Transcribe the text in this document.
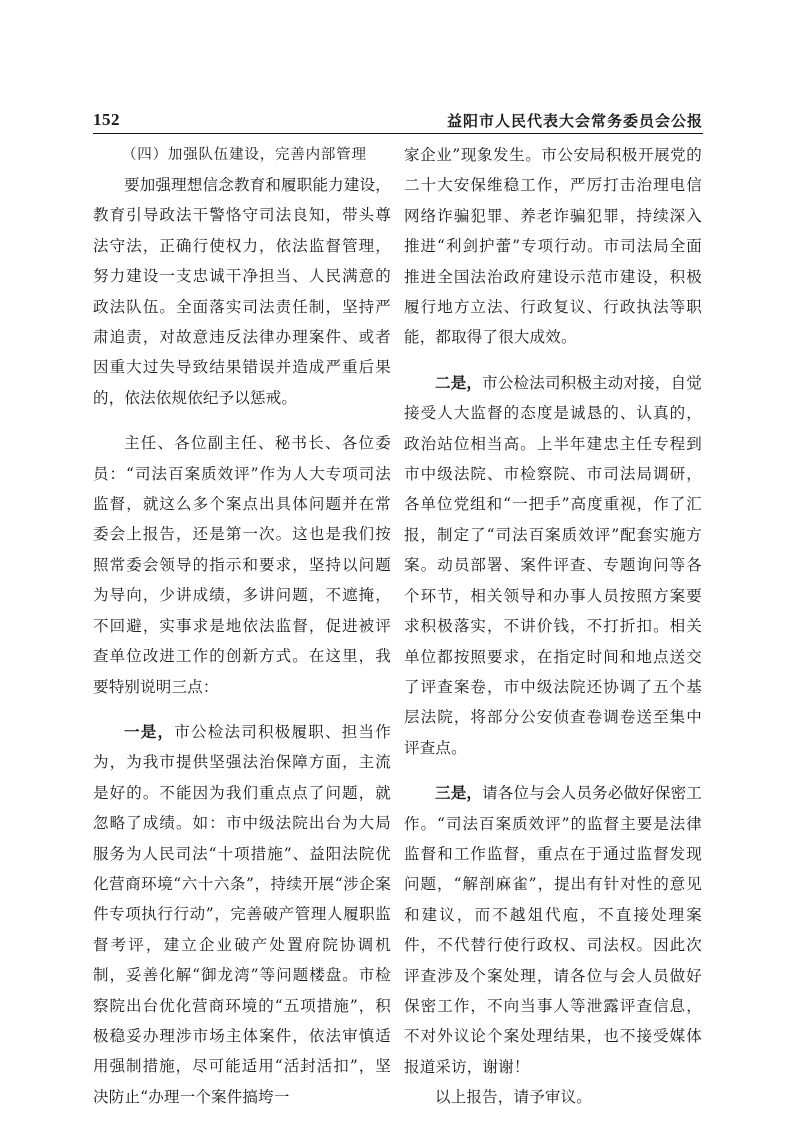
152	益阳市人民代表大会常务委员会公报
（四）加强队伍建设，完善内部管理

要加强理想信念教育和履职能力建设，教育引导政法干警恪守司法良知，带头尊法守法，正确行使权力，依法监督管理，努力建设一支忠诚干净担当、人民满意的政法队伍。全面落实司法责任制，坚持严肃追责，对故意违反法律办理案件、或者因重大过失导致结果错误并造成严重后果的，依法依规依纪予以惩戒。

主任、各位副主任、秘书长、各位委员：“司法百案质效评”作为人大专项司法监督，就这么多个案点出具体问题并在常委会上报告，还是第一次。这也是我们按照常委会领导的指示和要求，坚持以问题为导向，少讲成绩，多讲问题，不遮掩，不回避，实事求是地依法监督，促进被评查单位改进工作的创新方式。在这里，我要特别说明三点：

一是，市公检法司积极履职、担当作为，为我市提供坚强法治保障方面，主流是好的。不能因为我们重点点了问题，就忽略了成绩。如：市中级法院出台为大局服务为人民司法“十项措施”、益阳法院优化营商环境“六十六条”，持续开展“涉企案件专项执行行动”，完善破产管理人履职监督考评，建立企业破产处置府院协调机制，妥善化解“御龙湾”等问题楼盘。市检察院出台优化营商环境的“五项措施”，积极稳妥办理涉市场主体案件，依法审慎适用强制措施，尽可能适用“活封活扣”，坚决防止“办理一个案件搞垮一

家企业”现象发生。市公安局积极开展党的二十大安保维稳工作，严厉打击治理电信网络诈骗犯罪、养老诈骗犯罪，持续深入推进“利剑护蕾”专项行动。市司法局全面推进全国法治政府建设示范市建设，积极履行地方立法、行政复议、行政执法等职能，都取得了很大成效。

二是，市公检法司积极主动对接，自觉接受人大监督的态度是诚恳的、认真的，政治站位相当高。上半年建忠主任专程到市中级法院、市检察院、市司法局调研，各单位党组和“一把手”高度重视，作了汇报，制定了“司法百案质效评”配套实施方案。动员部署、案件评查、专题询问等各个环节，相关领导和办事人员按照方案要求积极落实，不讲价钱，不打折扣。相关单位都按照要求，在指定时间和地点送交了评查案卷，市中级法院还协调了五个基层法院，将部分公安侦查卷调卷送至集中评查点。

三是，请各位与会人员务必做好保密工作。“司法百案质效评”的监督主要是法律监督和工作监督，重点在于通过监督发现问题，“解剖麻雀”，提出有针对性的意见和建议，而不越俎代庖，不直接处理案件，不代替行使行政权、司法权。因此次评查涉及个案处理，请各位与会人员做好保密工作，不向当事人等泄露评查信息，不对外议论个案处理结果，也不接受媒体报道采访，谢谢！

以上报告，请予审议。
